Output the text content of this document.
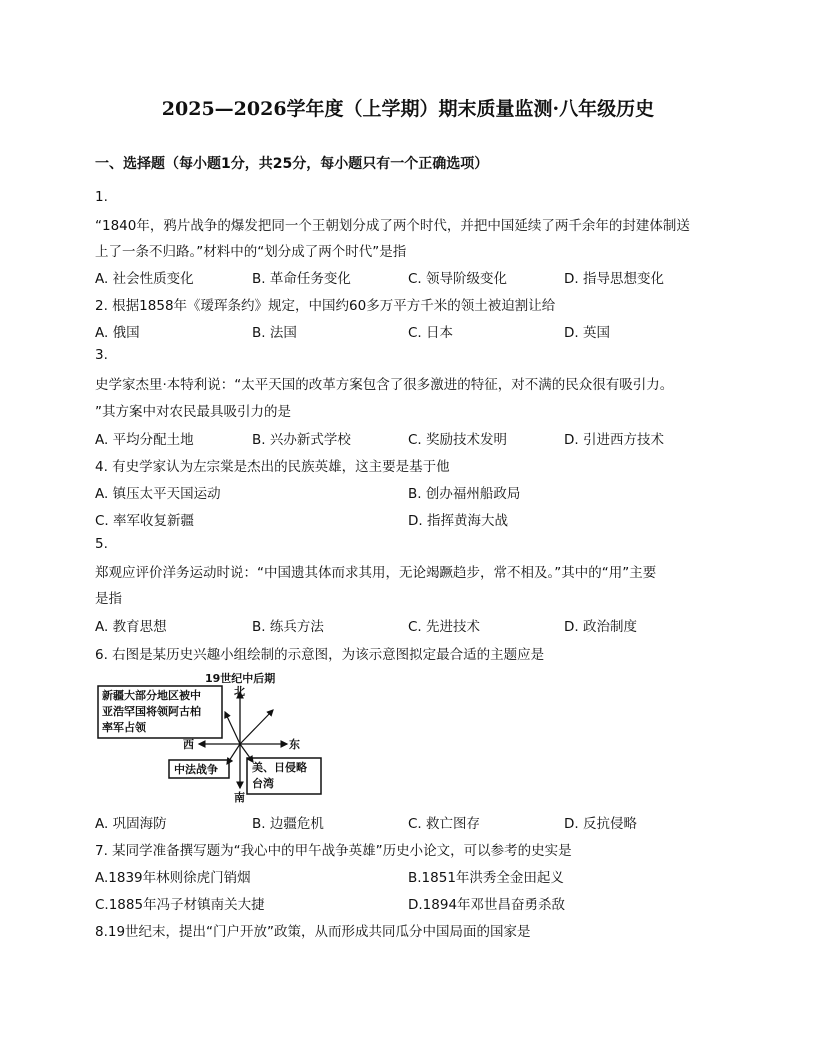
2025—2026学年度（上学期）期末质量监测·八年级历史
一、选择题（每小题1分，共25分，每小题只有一个正确选项）
1.
“1840年，鸦片战争的爆发把同一个王朝划分成了两个时代，并把中国延续了两千余年的封建体制送
上了一条不归路。”材料中的“划分成了两个时代”是指
A. 社会性质变化	B. 革命任务变化	C. 领导阶级变化	D. 指导思想变化
2. 根据1858年《瑷珲条约》规定，中国约60多万平方千米的领土被迫割让给
A. 俄国	B. 法国	C. 日本	D. 英国
3.
史学家杰里·本特利说：“太平天国的改革方案包含了很多激进的特征，对不满的民众很有吸引力。
”其方案中对农民最具吸引力的是
A. 平均分配土地	B. 兴办新式学校	C. 奖励技术发明	D. 引进西方技术
4. 有史学家认为左宗棠是杰出的民族英雄，这主要是基于他
A. 镇压太平天国运动	B. 创办福州船政局
C. 率军收复新疆	D. 指挥黄海大战
5.
郑观应评价洋务运动时说：“中国遗其体而求其用，无论竭蹶趋步，常不相及。”其中的“用”主要
是指
A. 教育思想	B. 练兵方法	C. 先进技术	D. 政治制度
6. 右图是某历史兴趣小组绘制的示意图，为该示意图拟定最合适的主题应是
19世纪中后期
北
南
东
西
新疆大部分地区被中
亚浩罕国将领阿古柏
率军占领
中法战争	美、日侵略
台湾
A. 巩固海防	B. 边疆危机	C. 救亡图存	D. 反抗侵略
7. 某同学准备撰写题为“我心中的甲午战争英雄”历史小论文，可以参考的史实是
A.1839年林则徐虎门销烟	B.1851年洪秀全金田起义
C.1885年冯子材镇南关大捷	D.1894年邓世昌奋勇杀敌
8.19世纪末，提出“门户开放”政策，从而形成共同瓜分中国局面的国家是
